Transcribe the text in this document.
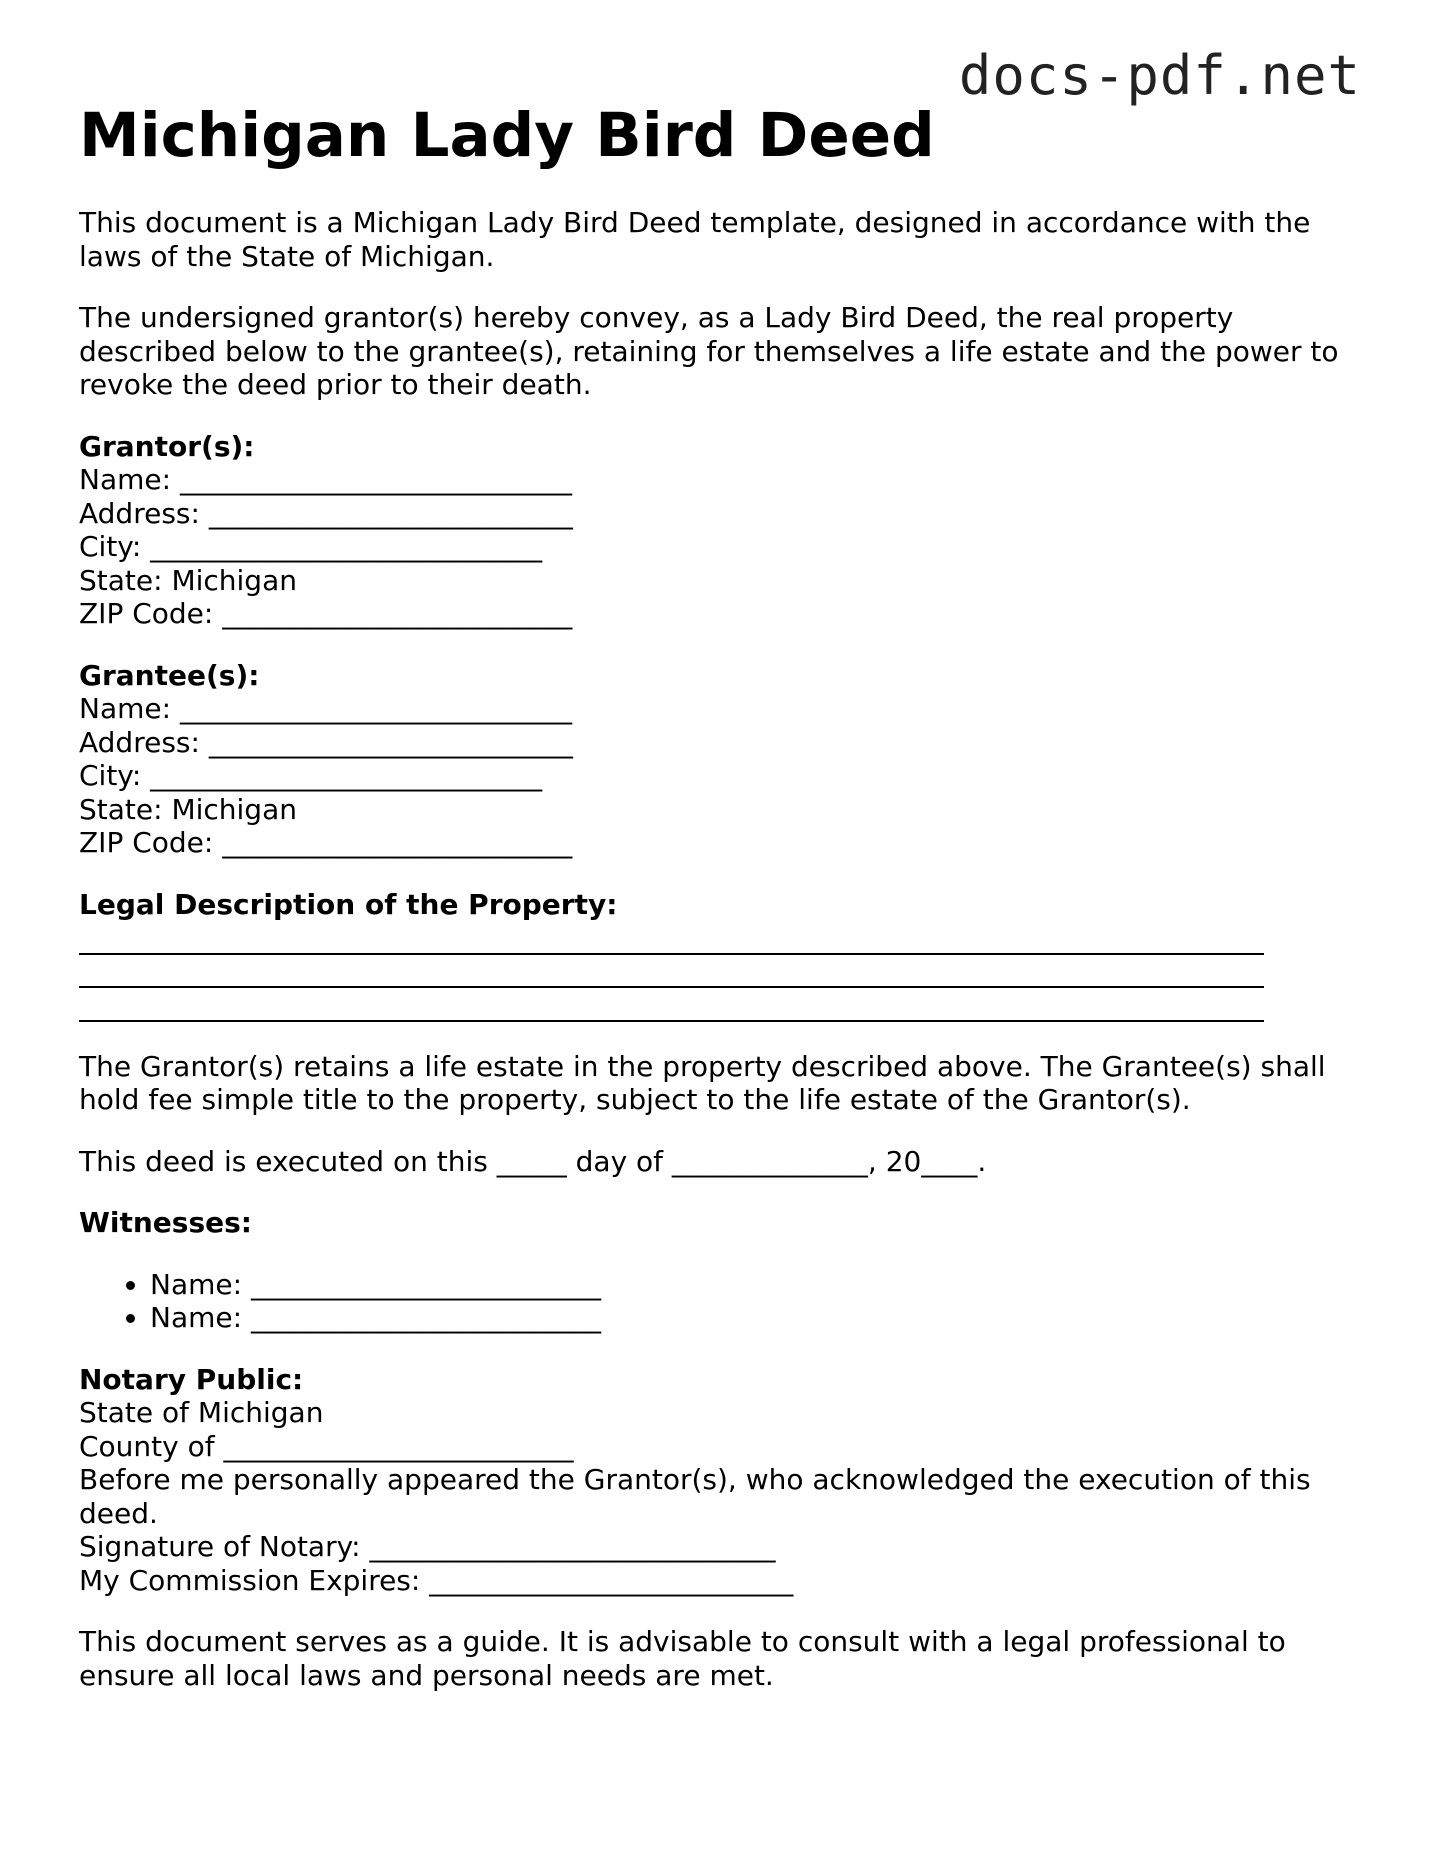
docs-pdf.net
Michigan Lady Bird Deed

This document is a Michigan Lady Bird Deed template, designed in accordance with the laws of the State of Michigan.

The undersigned grantor(s) hereby convey, as a Lady Bird Deed, the real property described below to the grantee(s), retaining for themselves a life estate and the power to revoke the deed prior to their death.

Grantor(s):
Name: ____________________________
Address: __________________________
City: ____________________________
State: Michigan
ZIP Code: _________________________
Grantee(s):
Name: ____________________________
Address: __________________________
City: ____________________________
State: Michigan
ZIP Code: _________________________
Legal Description of the Property:

The Grantor(s) retains a life estate in the property described above. The Grantee(s) shall hold fee simple title to the property, subject to the life estate of the Grantor(s).

This deed is executed on this _____ day of ______________, 20____.

Witnesses:
• Name: _________________________
• Name: _________________________
Notary Public:
State of Michigan
County of _________________________
Before me personally appeared the Grantor(s), who acknowledged the execution of this deed.
Signature of Notary: _____________________________
My Commission Expires: __________________________

This document serves as a guide. It is advisable to consult with a legal professional to ensure all local laws and personal needs are met.
